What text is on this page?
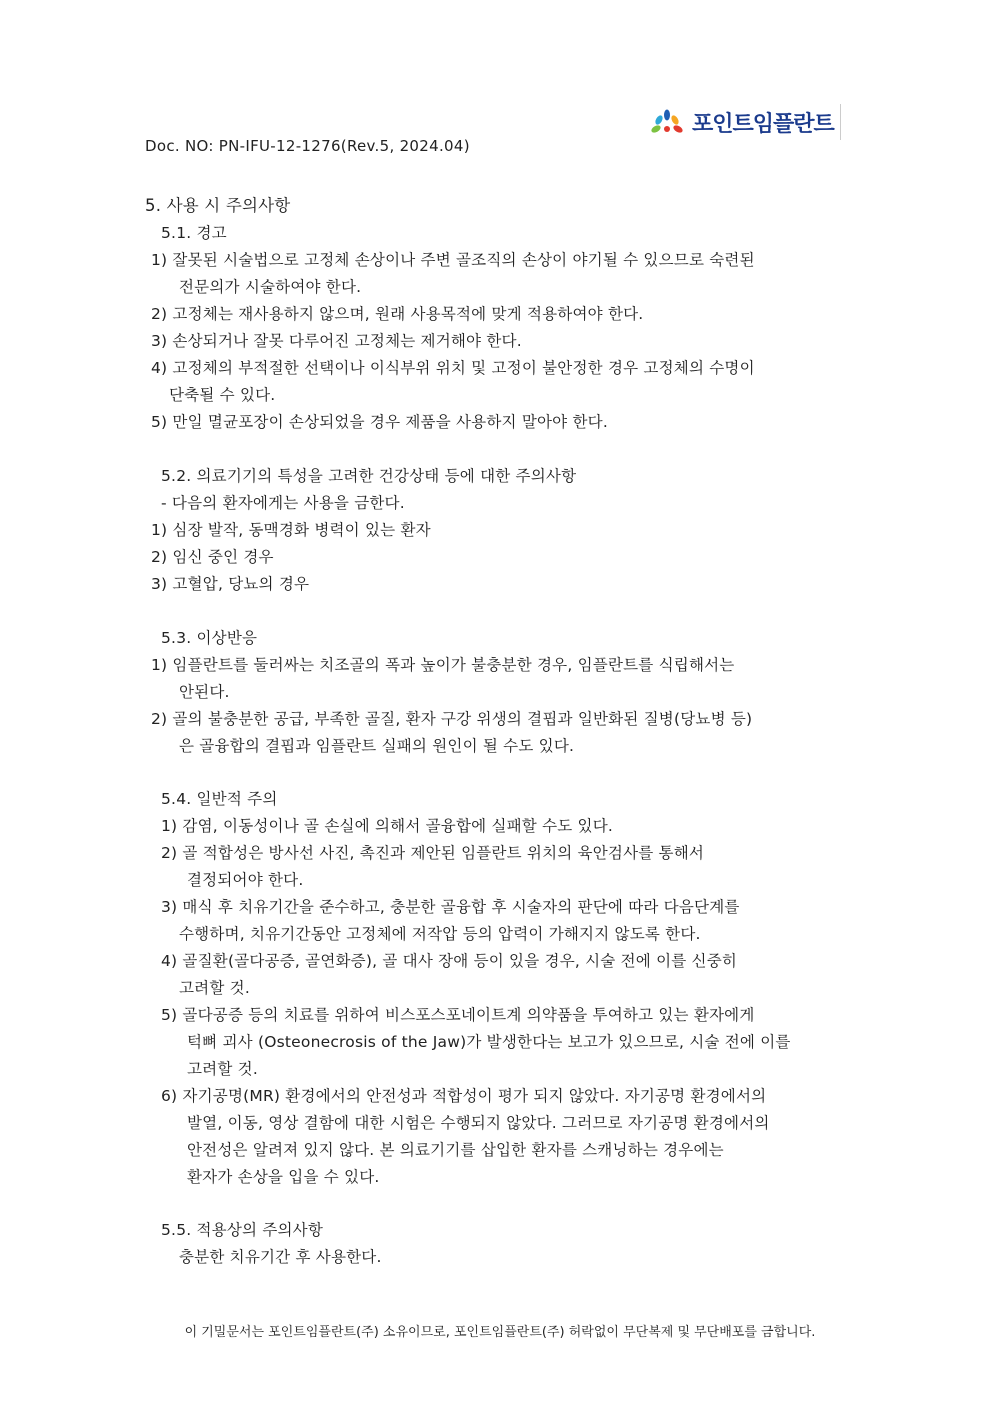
포인트임플란트
Doc. NO: PN-IFU-12-1276(Rev.5, 2024.04)
5. 사용 시 주의사항
5.1. 경고
1) 잘못된 시술법으로 고정체 손상이나 주변 골조직의 손상이 야기될 수 있으므로 숙련된
전문의가 시술하여야 한다.
2) 고정체는 재사용하지 않으며, 원래 사용목적에 맞게 적용하여야 한다.
3) 손상되거나 잘못 다루어진 고정체는 제거해야 한다.
4) 고정체의 부적절한 선택이나 이식부위 위치 및 고정이 불안정한 경우 고정체의 수명이
단축될 수 있다.
5) 만일 멸균포장이 손상되었을 경우 제품을 사용하지 말아야 한다.
5.2. 의료기기의 특성을 고려한 건강상태 등에 대한 주의사항
- 다음의 환자에게는 사용을 금한다.
1) 심장 발작, 동맥경화 병력이 있는 환자
2) 임신 중인 경우
3) 고혈압, 당뇨의 경우
5.3. 이상반응
1) 임플란트를 둘러싸는 치조골의 폭과 높이가 불충분한 경우, 임플란트를 식립해서는
안된다.
2) 골의 불충분한 공급, 부족한 골질, 환자 구강 위생의 결핍과 일반화된 질병(당뇨병 등)
은 골융합의 결핍과 임플란트 실패의 원인이 될 수도 있다.
5.4. 일반적 주의
1) 감염, 이동성이나 골 손실에 의해서 골융합에 실패할 수도 있다.
2) 골 적합성은 방사선 사진, 촉진과 제안된 임플란트 위치의 육안검사를 통해서
결정되어야 한다.
3) 매식 후 치유기간을 준수하고, 충분한 골융합 후 시술자의 판단에 따라 다음단계를
수행하며, 치유기간동안 고정체에 저작압 등의 압력이 가해지지 않도록 한다.
4) 골질환(골다공증, 골연화증), 골 대사 장애 등이 있을 경우, 시술 전에 이를 신중히
고려할 것.
5) 골다공증 등의 치료를 위하여 비스포스포네이트계 의약품을 투여하고 있는 환자에게
턱뼈 괴사 (Osteonecrosis of the Jaw)가 발생한다는 보고가 있으므로, 시술 전에 이를
고려할 것.
6) 자기공명(MR) 환경에서의 안전성과 적합성이 평가 되지 않았다. 자기공명 환경에서의
발열, 이동, 영상 결함에 대한 시험은 수행되지 않았다. 그러므로 자기공명 환경에서의
안전성은 알려져 있지 않다. 본 의료기기를 삽입한 환자를 스캐닝하는 경우에는
환자가 손상을 입을 수 있다.
5.5. 적용상의 주의사항
충분한 치유기간 후 사용한다.
이 기밀문서는 포인트임플란트(주) 소유이므로, 포인트임플란트(주) 허락없이 무단복제 및 무단배포를 금합니다.
